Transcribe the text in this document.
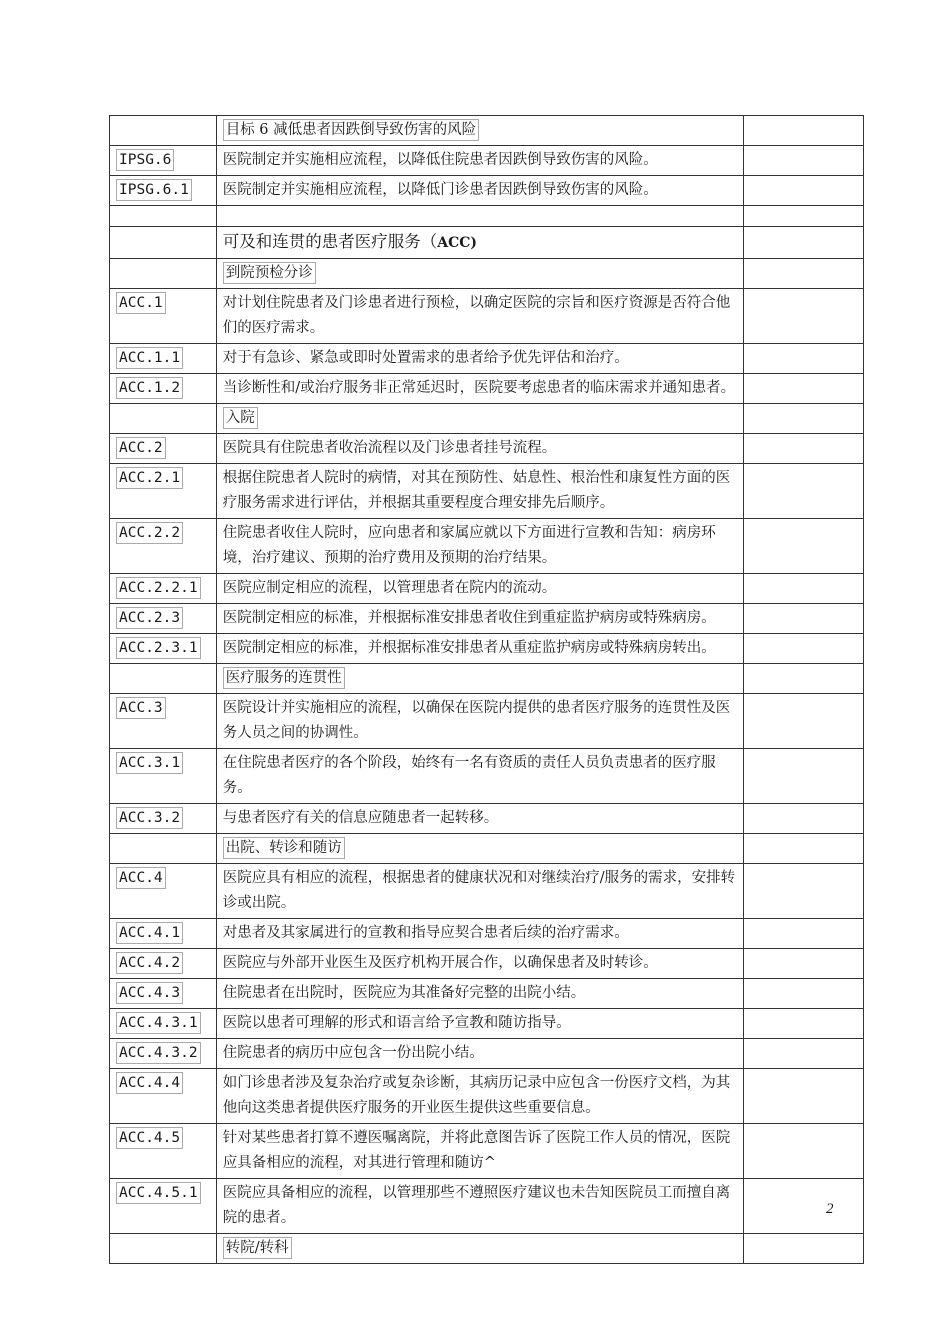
	目标 6 减低患者因跌倒导致伤害的风险	
IPSG.6	医院制定并实施相应流程，以降低住院患者因跌倒导致伤害的风险。	
IPSG.6.1	医院制定并实施相应流程，以降低门诊患者因跌倒导致伤害的风险。	

	可及和连贯的患者医疗服务（ACC)	
	到院预检分诊	
ACC.1	对计划住院患者及门诊患者进行预检，以确定医院的宗旨和医疗资源是否符合他们的医疗需求。	
ACC.1.1	对于有急诊、紧急或即时处置需求的患者给予优先评估和治疗。	
ACC.1.2	当诊断性和/或治疗服务非正常延迟时，医院要考虑患者的临床需求并通知患者。	
	入院	
ACC.2	医院具有住院患者收治流程以及门诊患者挂号流程。	
ACC.2.1	根据住院患者人院时的病情，对其在预防性、姑息性、根治性和康复性方面的医疗服务需求进行评估，并根据其重要程度合理安排先后顺序。	
ACC.2.2	住院患者收住人院时，应向患者和家属应就以下方面进行宣教和告知：病房环境，治疗建议、预期的治疗费用及预期的治疗结果。	
ACC.2.2.1	医院应制定相应的流程，以管理患者在院内的流动。	
ACC.2.3	医院制定相应的标准，并根据标准安排患者收住到重症监护病房或特殊病房。	
ACC.2.3.1	医院制定相应的标准，并根据标准安排患者从重症监护病房或特殊病房转出。	
	医疗服务的连贯性	
ACC.3	医院设计并实施相应的流程，以确保在医院内提供的患者医疗服务的连贯性及医务人员之间的协调性。	
ACC.3.1	在住院患者医疗的各个阶段，始终有一名有资质的责任人员负责患者的医疗服务。	
ACC.3.2	与患者医疗有关的信息应随患者一起转移。	
	出院、转诊和随访	
ACC.4	医院应具有相应的流程，根据患者的健康状况和对继续治疗/服务的需求，安排转诊或出院。	
ACC.4.1	对患者及其家属进行的宣教和指导应契合患者后续的治疗需求。	
ACC.4.2	医院应与外部开业医生及医疗机构开展合作，以确保患者及时转诊。	
ACC.4.3	住院患者在出院时，医院应为其准备好完整的出院小结。	
ACC.4.3.1	医院以患者可理解的形式和语言给予宣教和随访指导。	
ACC.4.3.2	住院患者的病历中应包含一份出院小结。	
ACC.4.4	如门诊患者涉及复杂治疗或复杂诊断，其病历记录中应包含一份医疗文档，为其他向这类患者提供医疗服务的开业医生提供这些重要信息。	
ACC.4.5	针对某些患者打算不遵医嘱离院，并将此意图告诉了医院工作人员的情况，医院应具备相应的流程，对其进行管理和随访^	
ACC.4.5.1	医院应具备相应的流程，以管理那些不遵照医疗建议也未告知医院员工而擅自离院的患者。	
	转院/转科	
2
